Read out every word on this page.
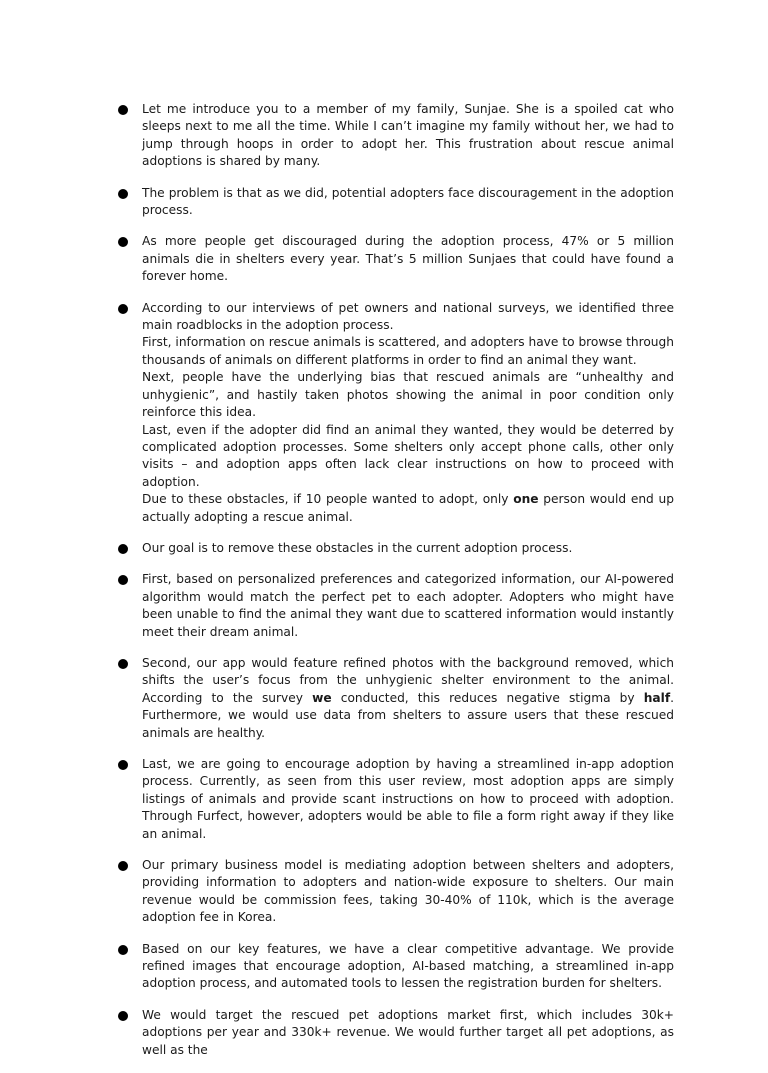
Let me introduce you to a member of my family, Sunjae. She is a spoiled cat who sleeps next to me all the time. While I can’t imagine my family without her, we had to jump through hoops in order to adopt her. This frustration about rescue animal adoptions is shared by many.

The problem is that as we did, potential adopters face discouragement in the adoption process.

As more people get discouraged during the adoption process, 47% or 5 million animals die in shelters every year. That’s 5 million Sunjaes that could have found a forever home.

According to our interviews of pet owners and national surveys, we identified three main roadblocks in the adoption process.

First, information on rescue animals is scattered, and adopters have to browse through thousands of animals on different platforms in order to find an animal they want.

Next, people have the underlying bias that rescued animals are “unhealthy and unhygienic”, and hastily taken photos showing the animal in poor condition only reinforce this idea.

Last, even if the adopter did find an animal they wanted, they would be deterred by complicated adoption processes. Some shelters only accept phone calls, other only visits – and adoption apps often lack clear instructions on how to proceed with adoption.

Due to these obstacles, if 10 people wanted to adopt, only one person would end up actually adopting a rescue animal.

Our goal is to remove these obstacles in the current adoption process.

First, based on personalized preferences and categorized information, our AI-powered algorithm would match the perfect pet to each adopter. Adopters who might have been unable to find the animal they want due to scattered information would instantly meet their dream animal.

Second, our app would feature refined photos with the background removed, which shifts the user’s focus from the unhygienic shelter environment to the animal. According to the survey we conducted, this reduces negative stigma by half. Furthermore, we would use data from shelters to assure users that these rescued animals are healthy.

Last, we are going to encourage adoption by having a streamlined in-app adoption process. Currently, as seen from this user review, most adoption apps are simply listings of animals and provide scant instructions on how to proceed with adoption. Through Furfect, however, adopters would be able to file a form right away if they like an animal.

Our primary business model is mediating adoption between shelters and adopters, providing information to adopters and nation-wide exposure to shelters. Our main revenue would be commission fees, taking 30-40% of 110k, which is the average adoption fee in Korea.

Based on our key features, we have a clear competitive advantage. We provide refined images that encourage adoption, AI-based matching, a streamlined in-app adoption process, and automated tools to lessen the registration burden for shelters.

We would target the rescued pet adoptions market first, which includes 30k+ adoptions per year and 330k+ revenue. We would further target all pet adoptions, as well as the
